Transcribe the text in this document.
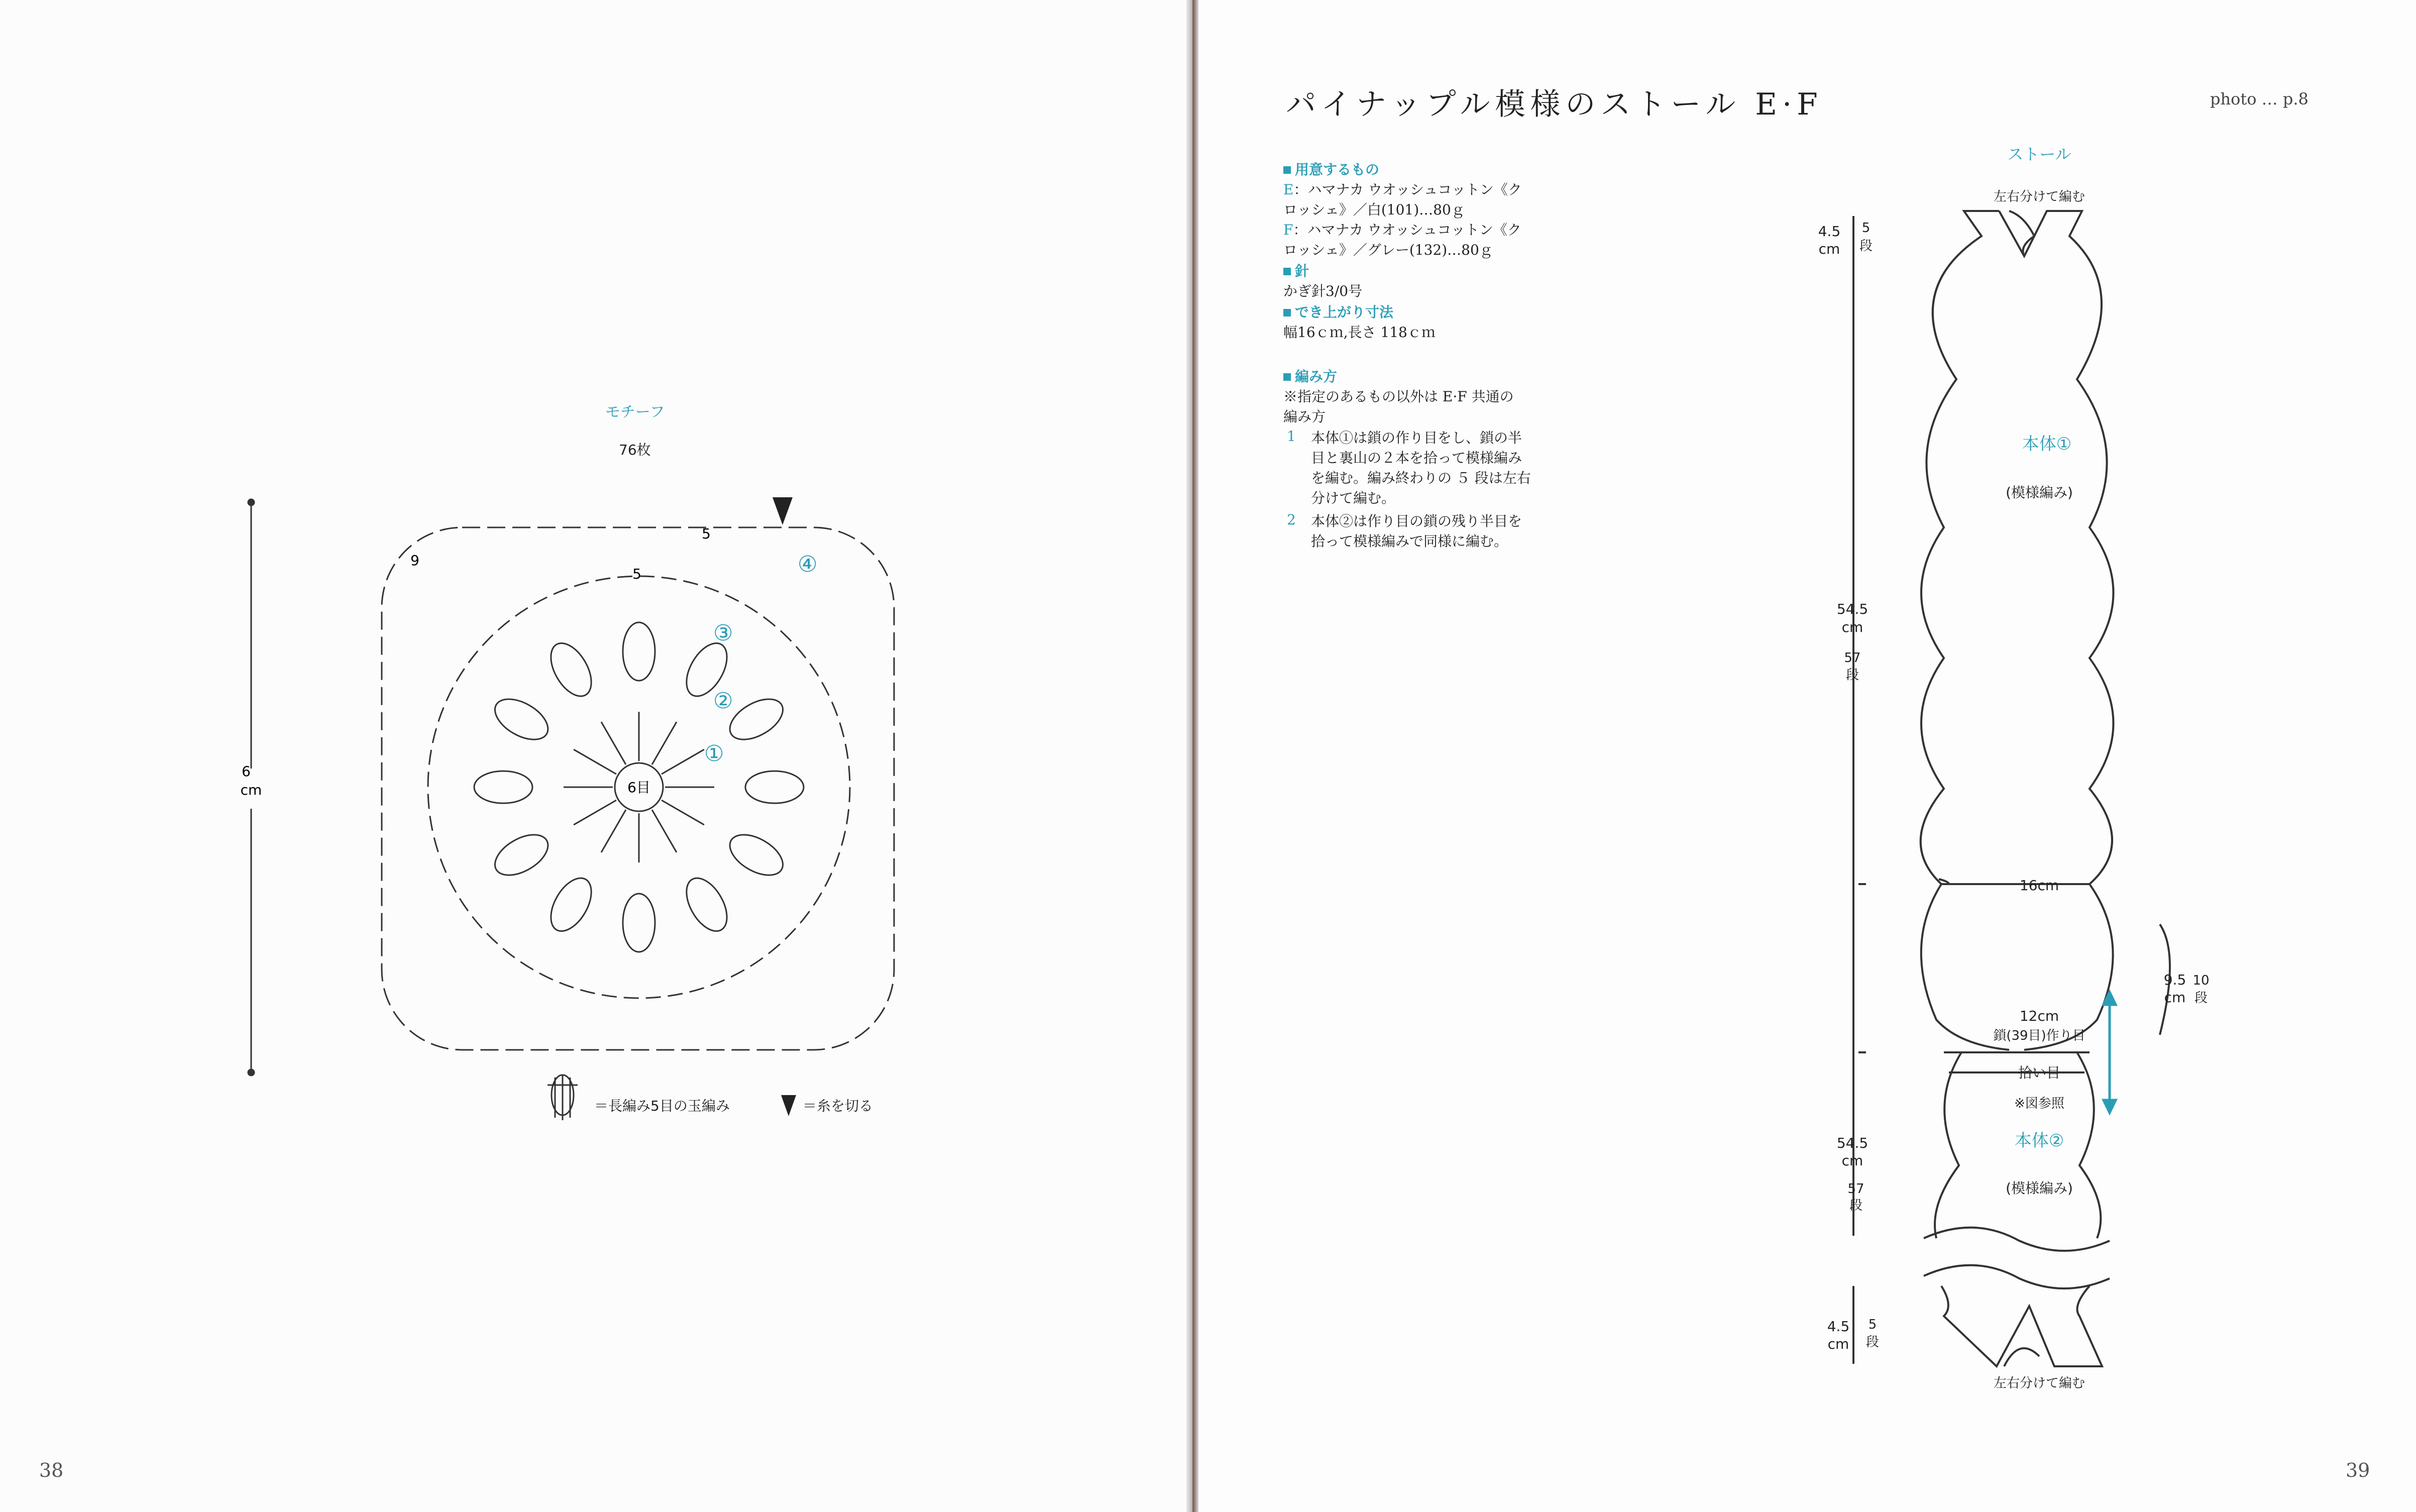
モチーフ
76枚
6
cm
9
5
5
6目
①
②
③
④
＝長編み5目の玉編み	＝糸を切る
38
パイナップル模様のストール E·F	photo … p.8
用意するもの
E：ハマナカ ウオッシュコットン《ク
ロッシェ》／白(101)…80ｇ
F：ハマナカ ウオッシュコットン《ク
ロッシェ》／グレー(132)…80ｇ
針
かぎ針3/0号
でき上がり寸法
幅16ｃｍ,長さ 118ｃｍ
編み方
※指定のあるもの以外は E·F 共通の
編み方
1 本体①は鎖の作り目をし、鎖の半
目と裏山の２本を拾って模様編み
を編む。編み終わりの ５ 段は左右
分けて編む。
2 本体②は作り目の鎖の残り半目を
拾って模様編みで同様に編む。
ストール
左右分けて編む
本体①
(模様編み)
16cm
12cm
鎖(39目)作り目
拾い目
※図参照
本体②
(模様編み)
左右分けて編む
4.5
cm
5
段
54.5
cm
57
段
54.5
cm
57
段
4.5
cm
5
段
9.5
cm
10
段
39
